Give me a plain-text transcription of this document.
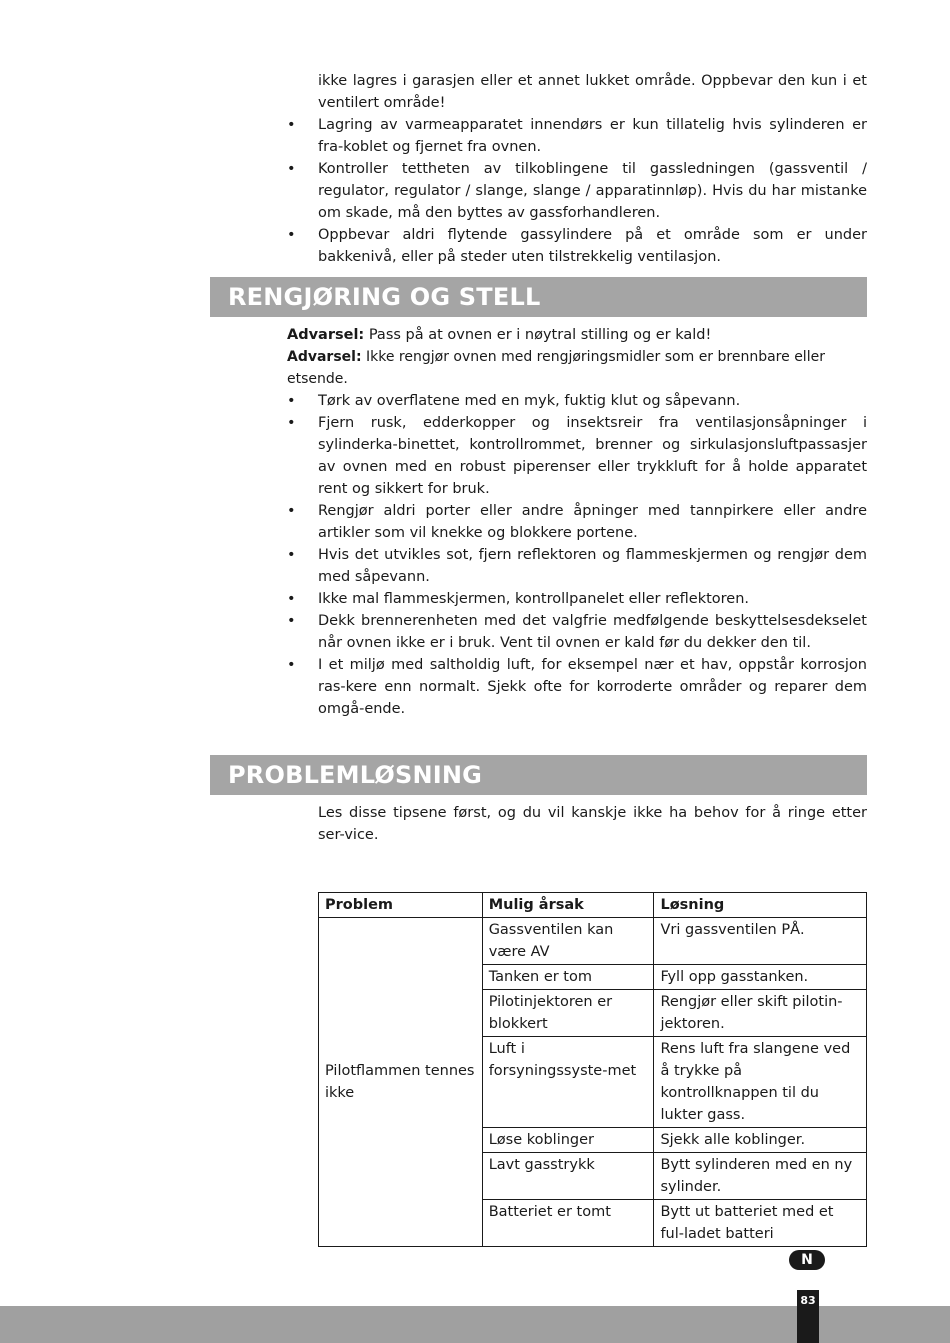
ikke lagres i garasjen eller et annet lukket område. Oppbevar den kun i et ventilert område!
• Lagring av varmeapparatet innendørs er kun tillatelig hvis sylinderen er fra-koblet og fjernet fra ovnen.
• Kontroller tettheten av tilkoblingene til gassledningen (gassventil / regulator, regulator / slange, slange / apparatinnløp). Hvis du har mistanke om skade, må den byttes av gassforhandleren.
• Oppbevar aldri flytende gassylindere på et område som er under bakkenivå, eller på steder uten tilstrekkelig ventilasjon.
RENGJØRING OG STELL
Advarsel: Pass på at ovnen er i nøytral stilling og er kald!
Advarsel: Ikke rengjør ovnen med rengjøringsmidler som er brennbare eller etsende.
• Tørk av overflatene med en myk, fuktig klut og såpevann.
• Fjern rusk, edderkopper og insektsreir fra ventilasjonsåpninger i sylinderka-binettet, kontrollrommet, brenner og sirkulasjonsluftpassasjer av ovnen med en robust piperenser eller trykkluft for å holde apparatet rent og sikkert for bruk.
• Rengjør aldri porter eller andre åpninger med tannpirkere eller andre artikler som vil knekke og blokkere portene.
• Hvis det utvikles sot, fjern reflektoren og flammeskjermen og rengjør dem med såpevann.
• Ikke mal flammeskjermen, kontrollpanelet eller reflektoren.
• Dekk brennerenheten med det valgfrie medfølgende beskyttelsesdekselet når ovnen ikke er i bruk. Vent til ovnen er kald før du dekker den til.
• I et miljø med saltholdig luft, for eksempel nær et hav, oppstår korrosjon ras-kere enn normalt. Sjekk ofte for korroderte områder og reparer dem omgå-ende.
PROBLEMLØSNING
Les disse tipsene først, og du vil kanskje ikke ha behov for å ringe etter ser-vice.
Problem	Mulig årsak	Løsning
Pilotflammen tennes ikke	Gassventilen kan være AV	Vri gassventilen PÅ.
	Tanken er tom	Fyll opp gasstanken.
	Pilotinjektoren er blokkert	Rengjør eller skift pilotin-jektoren.
	Luft i forsyningssyste-met	Rens luft fra slangene ved å trykke på kontrollknappen til du lukter gass.
	Løse koblinger	Sjekk alle koblinger.
	Lavt gasstrykk	Bytt sylinderen med en ny sylinder.
	Batteriet er tomt	Bytt ut batteriet med et ful-ladet batteri
N
83
